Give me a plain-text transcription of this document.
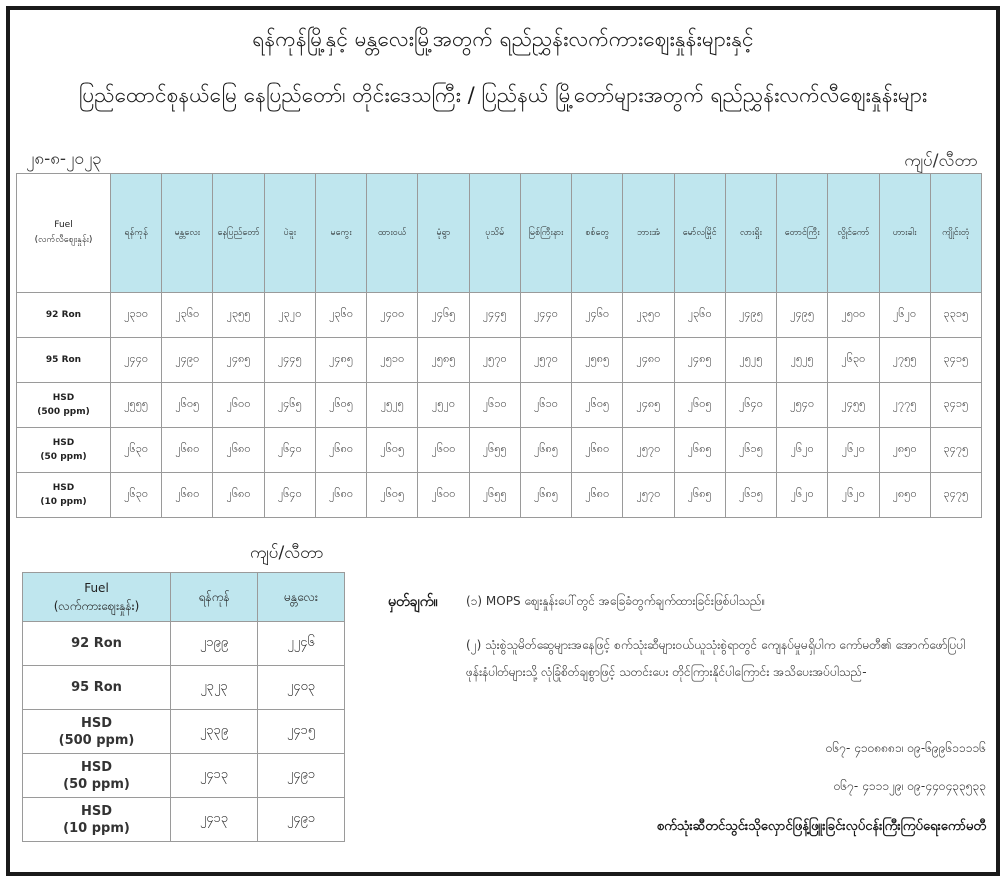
ရန်ကုန်မြို့နှင့် မန္တလေးမြို့အတွက် ရည်ညွှန်းလက်ကားဈေးနှုန်းများနှင့်
ပြည်ထောင်စုနယ်မြေ နေပြည်တော်၊ တိုင်းဒေသကြီး / ပြည်နယ် မြို့တော်များအတွက် ရည်ညွှန်းလက်လီဈေးနှုန်းများ
၂၈-၈-၂၀၂၃	ကျပ်/လီတာ
Fuel
(လက်လီဈေးနှုန်း)	ရန်ကုန်	မန္တလေး	နေပြည်တော်	ပဲခူး	မကွေး	ထားဝယ်	မုံရွာ	ပုသိမ်	မြစ်ကြီးနား	စစ်တွေ	ဘားအံ	မော်လမြိုင်	လားရှိုး	တောင်ကြီး	လွိုင်ကော်	ဟားခါး	ကျိုင်းတုံ

92 Ron	၂၃၁၀	၂၃၆၀	၂၃၅၅	၂၃၂၀	၂၃၆၀	၂၄၀၀	၂၄၆၅	၂၄၄၅	၂၄၄၀	၂၄၆၀	၂၃၅၀	၂၃၆၀	၂၄၉၅	၂၄၉၅	၂၅၀၀	၂၆၂၀	၃၃၁၅

95 Ron	၂၄၄၀	၂၄၉၀	၂၄၈၅	၂၄၄၅	၂၄၈၅	၂၅၁၀	၂၅၈၅	၂၅၇၀	၂၅၇၀	၂၅၈၅	၂၄၈၀	၂၄၈၅	၂၅၂၅	၂၅၂၅	၂၆၃၀	၂၇၅၅	၃၄၁၅

HSD
(500 ppm)	၂၅၅၅	၂၆၀၅	၂၆၀၀	၂၄၆၅	၂၆၀၅	၂၅၂၅	၂၅၂၀	၂၆၁၀	၂၆၁၀	၂၆၀၅	၂၄၈၅	၂၆၀၅	၂၆၄၀	၂၅၄၀	၂၄၅၅	၂၇၇၅	၃၄၁၅

HSD
(50 ppm)	၂၆၃၀	၂၆၈၀	၂၆၈၀	၂၆၄၀	၂၆၈၀	၂၆၀၅	၂၆၀၀	၂၆၅၅	၂၆၈၅	၂၆၈၀	၂၅၇၀	၂၆၈၅	၂၆၁၅	၂၆၂၀	၂၆၂၀	၂၈၅၀	၃၄၇၅

HSD
(10 ppm)	၂၆၃၀	၂၆၈၀	၂၆၈၀	၂၆၄၀	၂၆၈၀	၂၆၀၅	၂၆၀၀	၂၆၅၅	၂၆၈၅	၂၆၈၀	၂၅၇၀	၂၆၈၅	၂၆၁၅	၂၆၂၀	၂၆၂၀	၂၈၅၀	၃၄၇၅
ကျပ်/လီတာ
Fuel
(လက်ကားဈေးနှုန်း)	ရန်ကုန်	မန္တလေး

92 Ron	၂၁၉၉	၂၂၄၆

95 Ron	၂၃၂၃	၂၄၀၃

HSD
(500 ppm)	၂၃၃၉	၂၄၁၅

HSD
(50 ppm)	၂၄၁၃	၂၄၉၁

HSD
(10 ppm)	၂၄၁၃	၂၄၉၁
မှတ်ချက်။ (၁) MOPS ဈေးနှုန်းပေါ်တွင် အခြေခံတွက်ချက်ထားခြင်းဖြစ်ပါသည်။
(၂) သုံးစွဲသူမိတ်ဆွေများအနေဖြင့် စက်သုံးဆီများဝယ်ယူသုံးစွဲရာတွင် ကျေနပ်မှုမရှိပါက ကော်မတီ၏ အောက်ဖော်ပြပါဖုန်းနံပါတ်များသို့ လုံခြုံစိတ်ချစွာဖြင့် သတင်းပေး တိုင်ကြားနိုင်ပါကြောင်း အသိပေးအပ်ပါသည်-
ဝ၆၇- ၄၁၀၈၈၈၁၊ ဝ၉-၆၉၉၆၁၁၁၁၆
ဝ၆၇- ၄၁၁၁၂၉၊ ဝ၉-၄၄၀၄၃၃၅၃၃
စက်သုံးဆီတင်သွင်းသိုလှောင်ဖြန့်ဖြူးခြင်းလုပ်ငန်းကြီးကြပ်ရေးကော်မတီ
